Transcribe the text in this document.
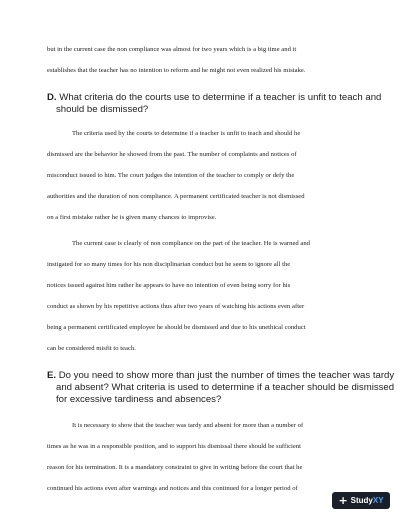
but in the current case the non compliance was almost for two years which is a big time and it
establishes that the teacher has no intention to reform and he might not even realized his mistake.
D. What criteria do the courts use to determine if a teacher is unfit to teach and
should be dismissed?
The criteria used by the courts to determine if a teacher is unfit to teach and should he
dismissed are the behavior he showed from the past. The number of complaints and notices of
misconduct issued to him. The court judges the intention of the teacher to comply or defy the
authorities and the duration of non compliance. A permanent certificated teacher is not dismissed
on a first mistake rather he is given many chances to improvise.
The current case is clearly of non compliance on the part of the teacher. He is warned and
instigated for so many times for his non disciplinarian conduct but he seem to ignore all the
notices issued against him rather he appears to have no intention of even being sorry for his
conduct as shown by his repetitive actions thus after two years of watching his actions even after
being a permanent certificated employee he should be dismissed and due to his unethical conduct
can be considered misfit to teach.
E. Do you need to show more than just the number of times the teacher was tardy
and absent? What criteria is used to determine if a teacher should be dismissed
for excessive tardiness and absences?
It is necessary to show that the teacher was tardy and absent for more than a number of
times as he was in a responsible position, and to support his dismissal there should be sufficient
reason for his termination. It is a mandatory constraint to give in writing before the court that he
continued his actions even after warnings and notices and this continued for a longer period of
+ StudyXY
